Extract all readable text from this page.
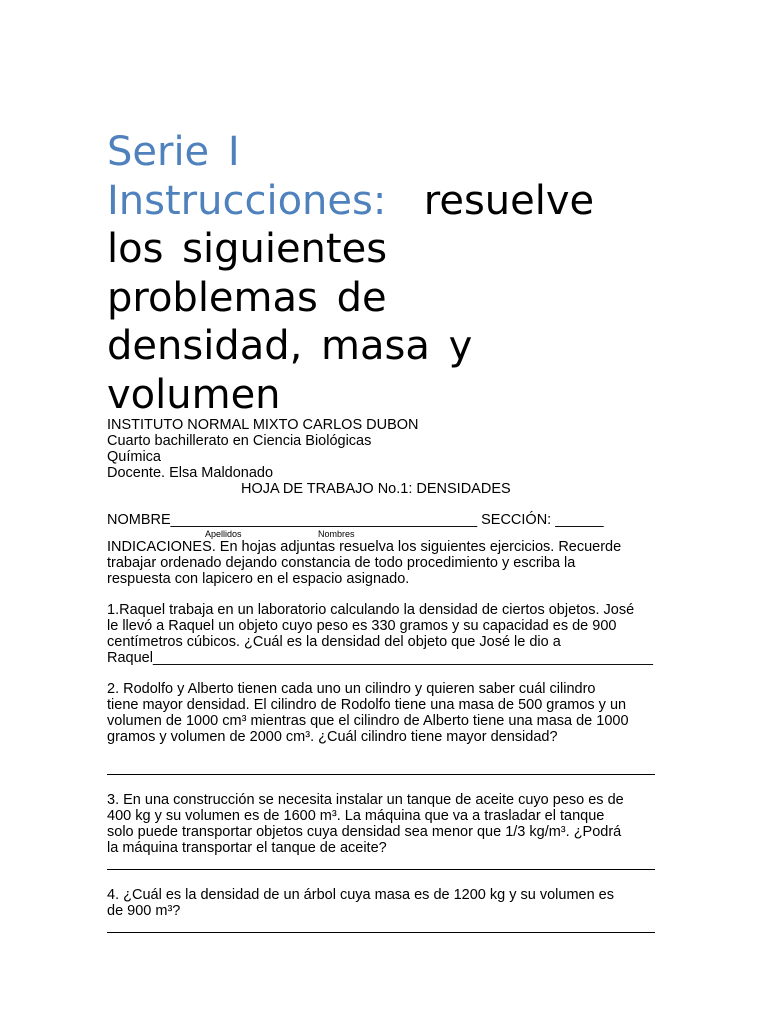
Serie I
Instrucciones: resuelve
los siguientes
problemas de
densidad, masa y
volumen
INSTITUTO NORMAL MIXTO CARLOS DUBON
Cuarto bachillerato en Ciencia Biológicas
Química
Docente. Elsa Maldonado
HOJA DE TRABAJO No.1: DENSIDADES
NOMBRE______________________________________ SECCIÓN: ______
Apellidos	Nombres
INDICACIONES. En hojas adjuntas resuelva los siguientes ejercicios. Recuerde
trabajar ordenado dejando constancia de todo procedimiento y escriba la
respuesta con lapicero en el espacio asignado.
1.Raquel trabaja en un laboratorio calculando la densidad de ciertos objetos. José
le llevó a Raquel un objeto cuyo peso es 330 gramos y su capacidad es de 900
centímetros cúbicos. ¿Cuál es la densidad del objeto que José le dio a
Raquel______________________________________________________________
2. Rodolfo y Alberto tienen cada uno un cilindro y quieren saber cuál cilindro
tiene mayor densidad. El cilindro de Rodolfo tiene una masa de 500 gramos y un
volumen de 1000 cm³ mientras que el cilindro de Alberto tiene una masa de 1000
gramos y volumen de 2000 cm³. ¿Cuál cilindro tiene mayor densidad?
3. En una construcción se necesita instalar un tanque de aceite cuyo peso es de
400 kg y su volumen es de 1600 m³. La máquina que va a trasladar el tanque
solo puede transportar objetos cuya densidad sea menor que 1/3 kg/m³. ¿Podrá
la máquina transportar el tanque de aceite?
4. ¿Cuál es la densidad de un árbol cuya masa es de 1200 kg y su volumen es
de 900 m³?
